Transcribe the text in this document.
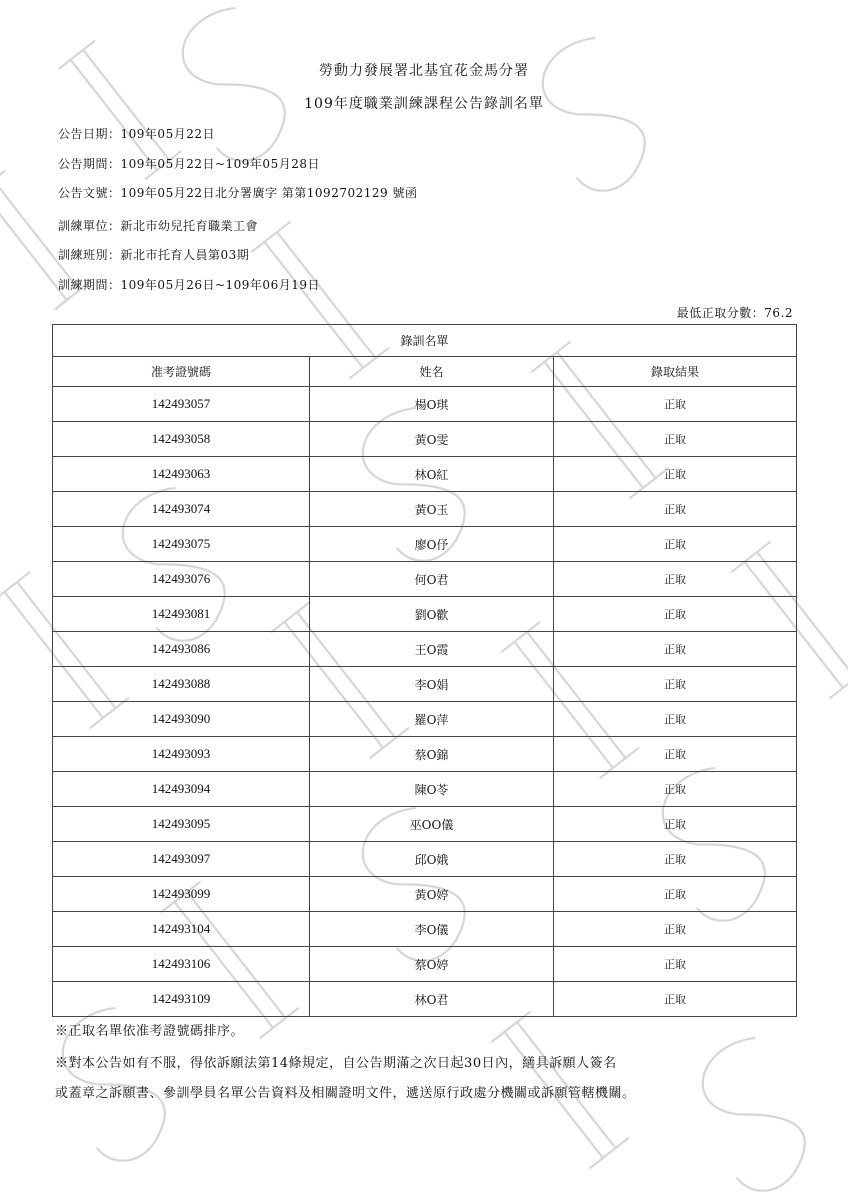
勞動力發展署北基宜花金馬分署
109年度職業訓練課程公告錄訓名單
公告日期：109年05月22日
公告期間：109年05月22日~109年05月28日
公告文號：109年05月22日北分署廣字 第第1092702129 號函
訓練單位：新北市幼兒托育職業工會
訓練班別：新北市托育人員第03期
訓練期間：109年05月26日~109年06月19日
最低正取分數：76.2
錄訓名單		
准考證號碼	姓名	錄取結果
142493057	楊O琪	正取
142493058	黃O雯	正取
142493063	林O紅	正取
142493074	黃O玉	正取
142493075	廖O伃	正取
142493076	何O君	正取
142493081	劉O歡	正取
142493086	王O霞	正取
142493088	李O娟	正取
142493090	羅O萍	正取
142493093	蔡O錦	正取
142493094	陳O苓	正取
142493095	巫OO儀	正取
142493097	邱O娥	正取
142493099	黃O婷	正取
142493104	李O儀	正取
142493106	蔡O婷	正取
142493109	林O君	正取
※正取名單依准考證號碼排序。
※對本公告如有不服，得依訴願法第14條規定，自公告期滿之次日起30日內，繕具訴願人簽名
或蓋章之訴願書、參訓學員名單公告資料及相關證明文件，遞送原行政處分機關或訴願管轄機關。
